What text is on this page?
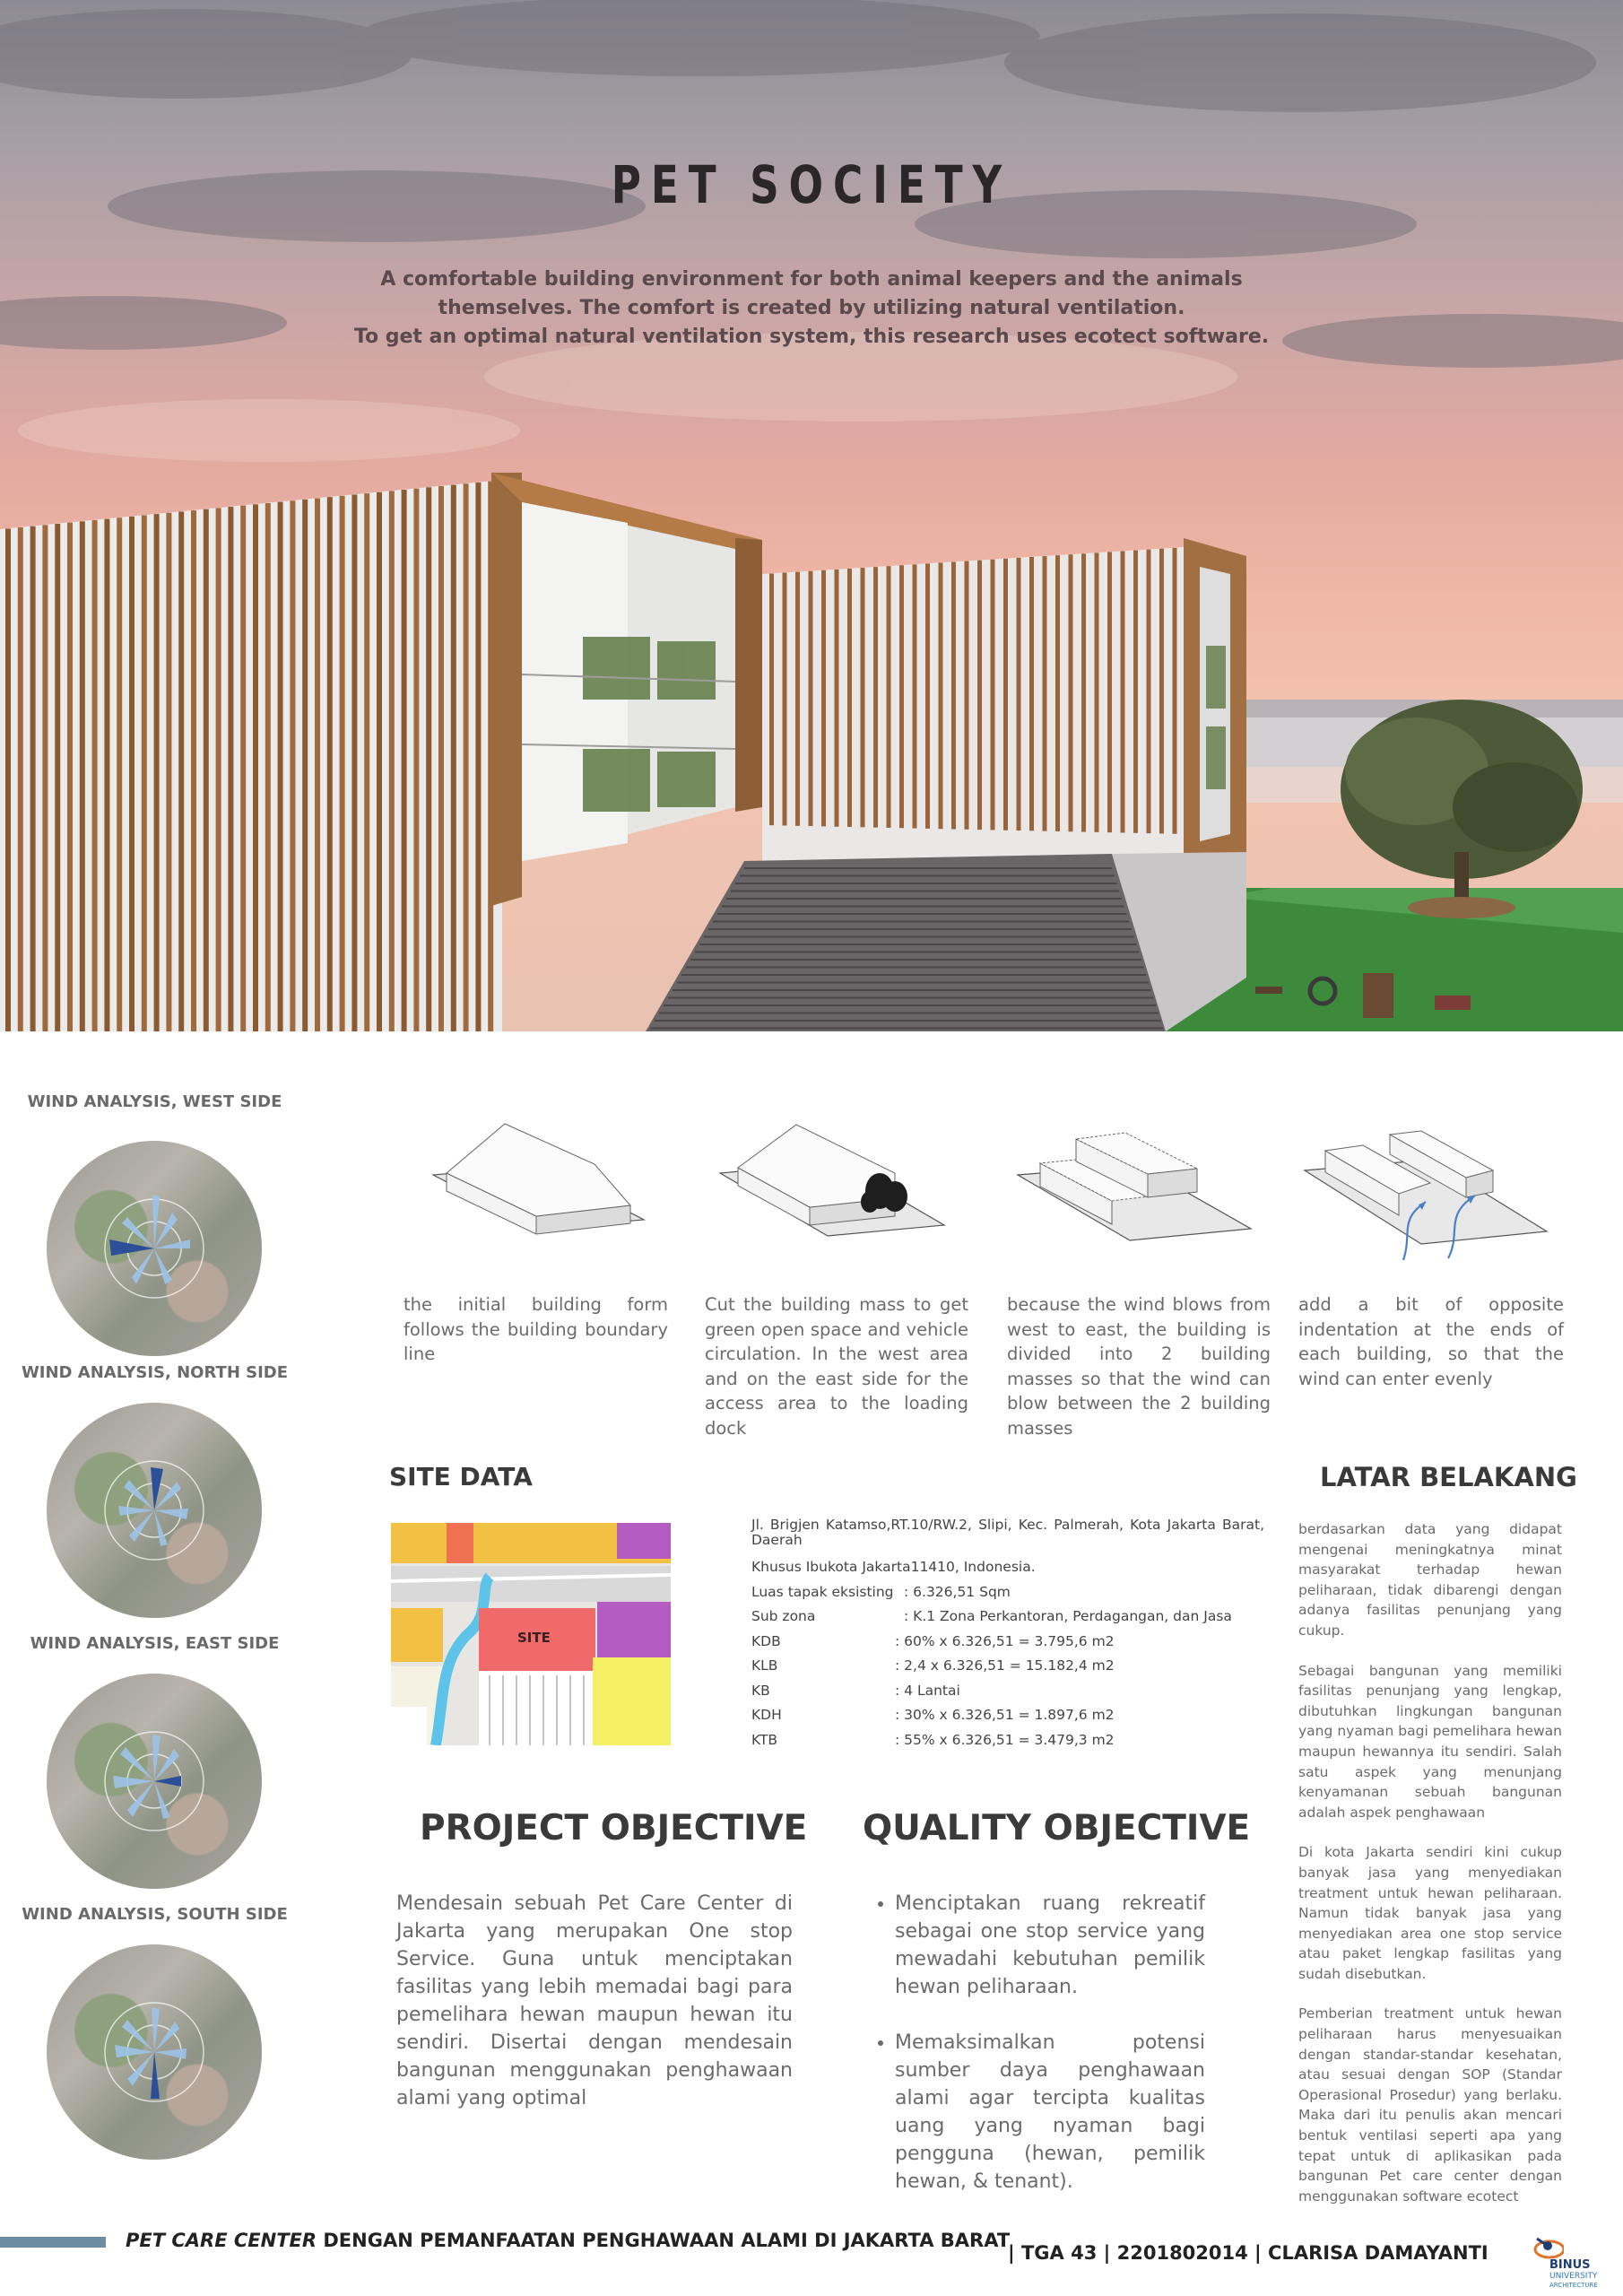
PET SOCIETY
A comfortable building environment for both animal keepers and the animals
themselves. The comfort is created by utilizing natural ventilation.
To get an optimal natural ventilation system, this research uses ecotect software.
WIND ANALYSIS, WEST SIDE
WIND ANALYSIS, NORTH SIDE
WIND ANALYSIS, EAST SIDE
WIND ANALYSIS, SOUTH SIDE
the initial building form follows the building boundary line
Cut the building mass to get green open space and vehicle circulation. In the west area and on the east side for the access area to the loading dock
because the wind blows from west to east, the building is divided into 2 building masses so that the wind can blow between the 2 building masses
add a bit of opposite indentation at the ends of each building, so that the wind can enter evenly
SITE DATA
SITE
Jl. Brigjen Katamso,RT.10/RW.2, Slipi, Kec. Palmerah, Kota Jakarta Barat, Daerah
Khusus Ibukota Jakarta11410, Indonesia.
Luas tapak eksisting : 6.326,51 Sqm
Sub zona	: K.1 Zona Perkantoran, Perdagangan, dan Jasa
KDB	: 60% x 6.326,51 = 3.795,6 m2
KLB	: 2,4 x 6.326,51 = 15.182,4 m2
KB	: 4 Lantai
KDH	: 30% x 6.326,51 = 1.897,6 m2
KTB	: 55% x 6.326,51 = 3.479,3 m2
LATAR BELAKANG

berdasarkan data yang didapat mengenai meningkatnya minat masyarakat terhadap hewan peliharaan, tidak dibarengi dengan adanya fasilitas penunjang yang cukup.

Sebagai bangunan yang memiliki fasilitas penunjang yang lengkap, dibutuhkan lingkungan bangunan yang nyaman bagi pemelihara hewan maupun hewannya itu sendiri. Salah satu aspek yang menunjang kenyamanan sebuah bangunan adalah aspek penghawaan

Di kota Jakarta sendiri kini cukup banyak jasa yang menyediakan treatment untuk hewan peliharaan. Namun tidak banyak jasa yang menyediakan area one stop service atau paket lengkap fasilitas yang sudah disebutkan.

Pemberian treatment untuk hewan peliharaan harus menyesuaikan dengan standar-standar kesehatan, atau sesuai dengan SOP (Standar Operasional Prosedur) yang berlaku. Maka dari itu penulis akan mencari bentuk ventilasi seperti apa yang tepat untuk di aplikasikan pada bangunan Pet care center dengan menggunakan software ecotect

PROJECT OBJECTIVE
Mendesain sebuah Pet Care Center di Jakarta yang merupakan One stop Service. Guna untuk menciptakan fasilitas yang lebih memadai bagi para pemelihara hewan maupun hewan itu sendiri. Disertai dengan mendesain bangunan menggunakan penghawaan alami yang optimal
QUALITY OBJECTIVE
• Menciptakan ruang rekreatif sebagai one stop service yang mewadahi kebutuhan pemilik hewan peliharaan.
• Memaksimalkan potensi sumber daya penghawaan alami agar tercipta kualitas uang yang nyaman bagi pengguna (hewan, pemilik hewan, & tenant).
PET CARE CENTER DENGAN PEMANFAATAN PENGHAWAAN ALAMI DI JAKARTA BARAT
| TGA 43 | 2201802014 | CLARISA DAMAYANTI
BINUS
UNIVERSITY
ARCHITECTURE
